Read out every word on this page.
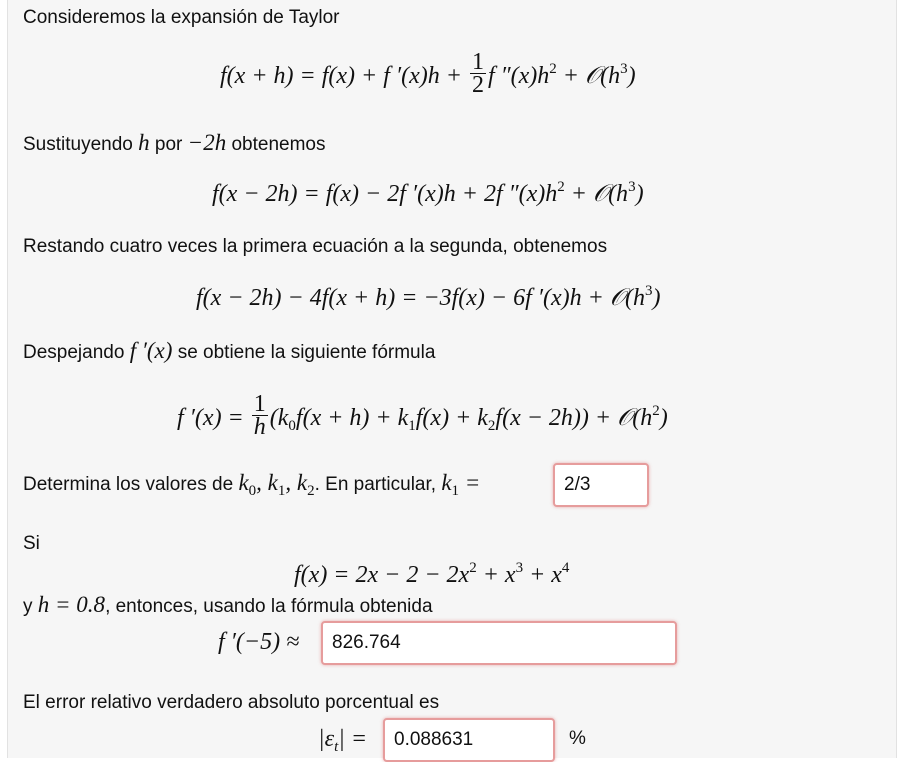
Consideremos la expansión de Taylor
f(x + h) = f(x) + f $'(x)h + \frac{1}{2}$ f $''(x)h^2$ + $𝒪(h^3)$
Sustituyendo h por −2h obtenemos
f(x − 2h) = f(x) − 2f ′(x)h + 2f $''(x)h^2$ + $𝒪(h^3)$
Restando cuatro veces la primera ecuación a la segunda, obtenemos
f(x − 2h) − 4f(x + h) = −3f(x) − 6f $'(x)h + 𝒪(h^3)$
Despejando f ′(x) se obtiene la siguiente fórmula
f $'(x) = \frac{1}{h} (k_0f(x + h) + k_1f(x) + k_2f(x - 2h))$ + $𝒪(h^2)$
Determina los valores de $k_0$, $k_1$, $k_2$. En particular, $k_1$ =	2/3
Si
$f(x) = 2x - 2 - 2x^2 + x^3 + x^4$
y h = 0.8, entonces, usando la fórmula obtenida
f ′(−5) ≈ 826.764
El error relativo verdadero absoluto porcentual es
$|\varepsilon_t| = 0.088631$	%
